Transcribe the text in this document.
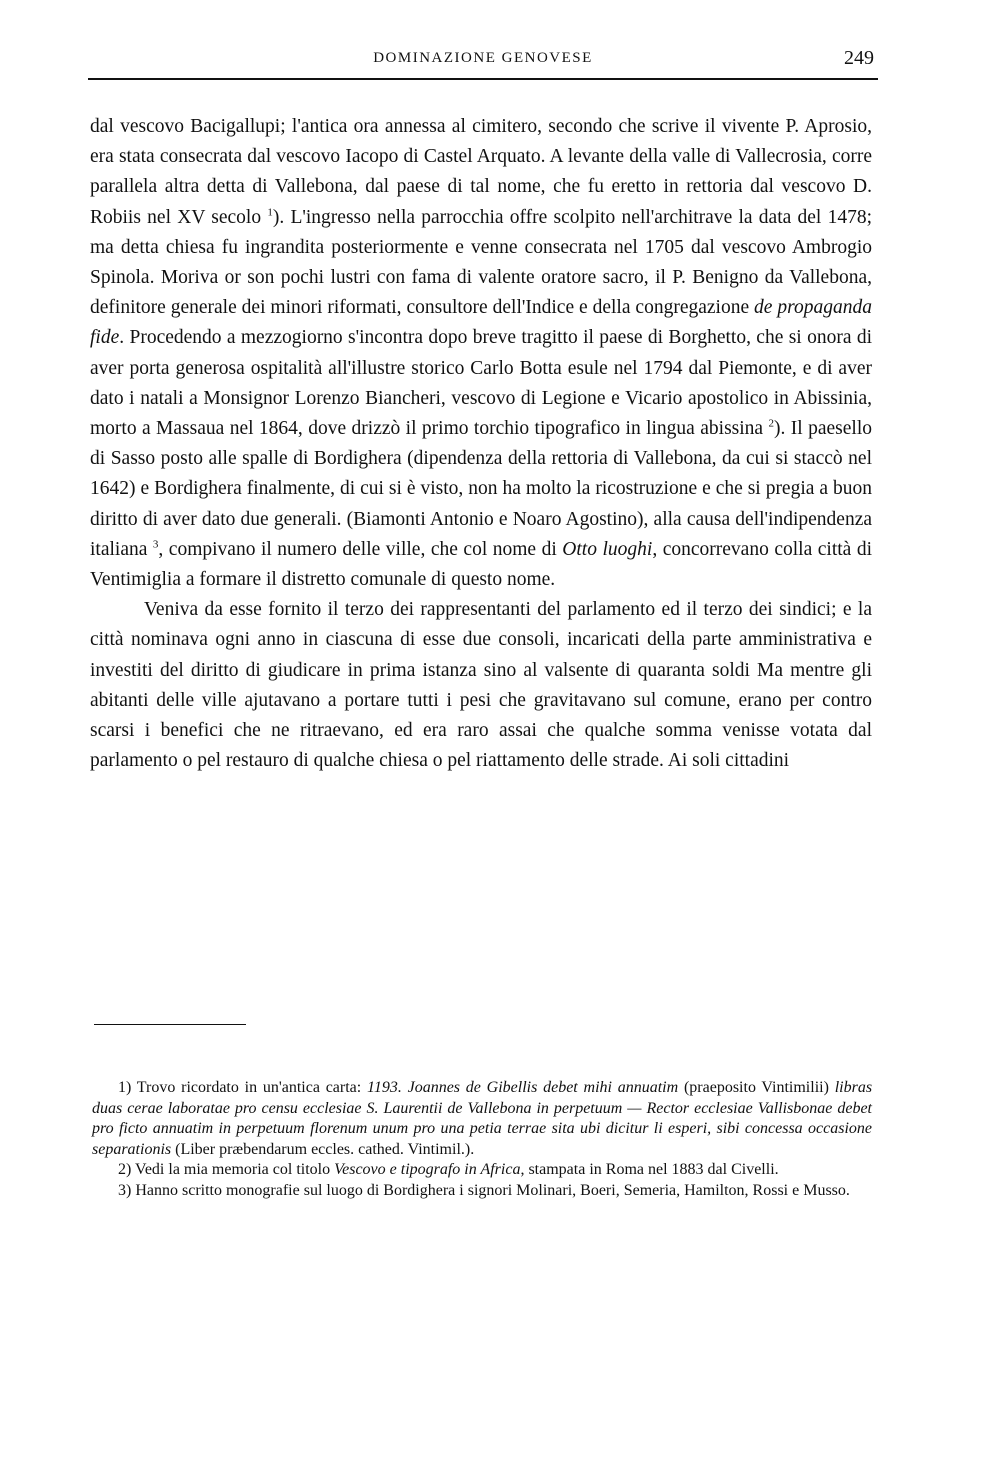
DOMINAZIONE GENOVESE	249

dal vescovo Bacigallupi; l'antica ora annessa al cimitero, secondo che scrive il vivente P. Aprosio, era stata consecrata dal vescovo Iacopo di Castel Arquato. A levante della valle di Vallecrosia, corre parallela altra detta di Vallebona, dal paese di tal nome, che fu eretto in rettoria dal vescovo D. Robiis nel XV secolo $^1$). L'ingresso nella parrocchia offre scolpito nell'architrave la data del 1478; ma detta chiesa fu ingrandita posteriormente e venne consecrata nel 1705 dal vescovo Ambrogio Spinola. Moriva or son pochi lustri con fama di valente oratore sacro, il P. Benigno da Vallebona, definitore generale dei minori riformati, consultore dell'Indice e della congregazione de propaganda fide. Procedendo a mezzogiorno s'incontra dopo breve tragitto il paese di Borghetto, che si onora di aver porta generosa ospitalità all'illustre storico Carlo Botta esule nel 1794 dal Piemonte, e di aver dato i natali a Monsignor Lorenzo Biancheri, vescovo di Legione e Vicario apostolico in Abissinia, morto a Massaua nel 1864, dove drizzò il primo torchio tipografico in lingua abissina $^2$). Il paesello di Sasso posto alle spalle di Bordighera (dipendenza della rettoria di Vallebona, da cui si staccò nel 1642) e Bordighera finalmente, di cui si è visto, non ha molto la ricostruzione e che si pregia a buon diritto di aver dato due generali. (Biamonti Antonio e Noaro Agostino), alla causa dell'indipendenza italiana $^3$, compivano il numero delle ville, che col nome di Otto luoghi, concorrevano colla città di Ventimiglia a formare il distretto comunale di questo nome.

Veniva da esse fornito il terzo dei rappresentanti del parlamento ed il terzo dei sindici; e la città nominava ogni anno in ciascuna di esse due consoli, incaricati della parte amministrativa e investiti del diritto di giudicare in prima istanza sino al valsente di quaranta soldi Ma mentre gli abitanti delle ville ajutavano a portare tutti i pesi che gravitavano sul comune, erano per contro scarsi i benefici che ne ritraevano, ed era raro assai che qualche somma venisse votata dal parlamento o pel restauro di qualche chiesa o pel riattamento delle strade. Ai soli cittadini

1) Trovo ricordato in un'antica carta: 1193. Joannes de Gibellis debet mihi annuatim (praeposito Vintimilii) libras duas cerae laboratae pro censu ecclesiae S. Laurentii de Vallebona in perpetuum — Rector ecclesiae Vallisbonae debet pro ficto annuatim in perpetuum florenum unum pro una petia terrae sita ubi dicitur li esperi, sibi concessa occasione separationis (Liber præbendarum eccles. cathed. Vintimil.).

2) Vedi la mia memoria col titolo Vescovo e tipografo in Africa, stampata in Roma nel 1883 dal Civelli.

3) Hanno scritto monografie sul luogo di Bordighera i signori Molinari, Boeri, Semeria, Hamilton, Rossi e Musso.
